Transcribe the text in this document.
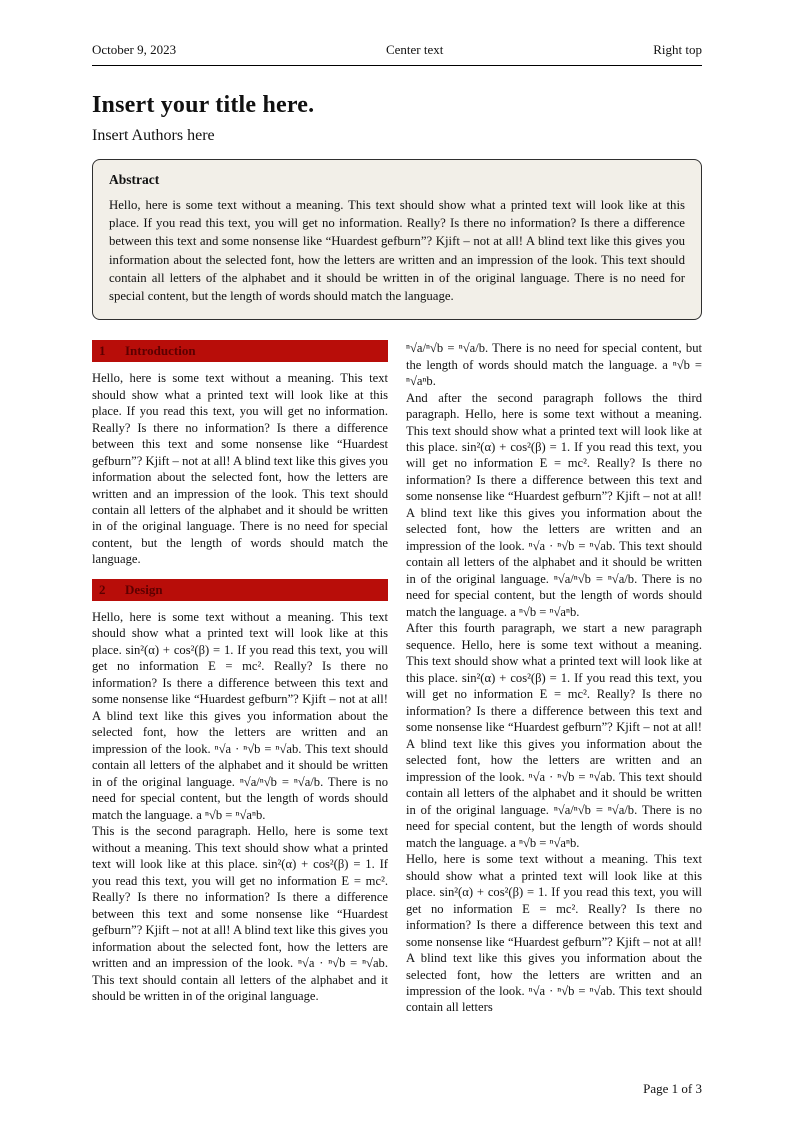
October 9, 2023	Center text	Right top
Insert your title here.
Insert Authors here
Abstract

Hello, here is some text without a meaning. This text should show what a printed text will look like at this place. If you read this text, you will get no information. Really? Is there no information? Is there a difference between this text and some nonsense like “Huardest gefburn”? Kjift – not at all! A blind text like this gives you information about the selected font, how the letters are written and an impression of the look. This text should contain all letters of the alphabet and it should be written in of the original language. There is no need for special content, but the length of words should match the language.

1	Introduction

Hello, here is some text without a meaning. This text should show what a printed text will look like at this place. If you read this text, you will get no information. Really? Is there no information? Is there a difference between this text and some nonsense like “Huardest gefburn”? Kjift – not at all! A blind text like this gives you information about the selected font, how the letters are written and an impression of the look. This text should contain all letters of the alphabet and it should be written in of the original language. There is no need for special content, but the length of words should match the language.

2	Design

Hello, here is some text without a meaning. This text should show what a printed text will look like at this place. sin²(α) + cos²(β) = 1. If you read this text, you will get no information E = mc². Really? Is there no information? Is there a difference between this text and some nonsense like “Huardest gefburn”? Kjift – not at all! A blind text like this gives you information about the selected font, how the letters are written and an impression of the look. ⁿ√a · ⁿ√b = ⁿ√ab. This text should contain all letters of the alphabet and it should be written in of the original language. ⁿ√a/ⁿ√b = ⁿ√a/b. There is no need for special content, but the length of words should match the language. a ⁿ√b = ⁿ√aⁿb.

This is the second paragraph. Hello, here is some text without a meaning. This text should show what a printed text will look like at this place. sin²(α) + cos²(β) = 1. If you read this text, you will get no information E = mc². Really? Is there no information? Is there a difference between this text and some nonsense like “Huardest gefburn”? Kjift – not at all! A blind text like this gives you information about the selected font, how the letters are written and an impression of the look. ⁿ√a · ⁿ√b = ⁿ√ab. This text should contain all letters of the alphabet and it should be written in of the original language.

ⁿ√a/ⁿ√b = ⁿ√a/b. There is no need for special content, but the length of words should match the language. a ⁿ√b = ⁿ√aⁿb.

And after the second paragraph follows the third paragraph. Hello, here is some text without a meaning. This text should show what a printed text will look like at this place. sin²(α) + cos²(β) = 1. If you read this text, you will get no information E = mc². Really? Is there no information? Is there a difference between this text and some nonsense like “Huardest gefburn”? Kjift – not at all! A blind text like this gives you information about the selected font, how the letters are written and an impression of the look. ⁿ√a · ⁿ√b = ⁿ√ab. This text should contain all letters of the alphabet and it should be written in of the original language. ⁿ√a/ⁿ√b = ⁿ√a/b. There is no need for special content, but the length of words should match the language. a ⁿ√b = ⁿ√aⁿb.

After this fourth paragraph, we start a new paragraph sequence. Hello, here is some text without a meaning. This text should show what a printed text will look like at this place. sin²(α) + cos²(β) = 1. If you read this text, you will get no information E = mc². Really? Is there no information? Is there a difference between this text and some nonsense like “Huardest gefburn”? Kjift – not at all! A blind text like this gives you information about the selected font, how the letters are written and an impression of the look. ⁿ√a · ⁿ√b = ⁿ√ab. This text should contain all letters of the alphabet and it should be written in of the original language. ⁿ√a/ⁿ√b = ⁿ√a/b. There is no need for special content, but the length of words should match the language. a ⁿ√b = ⁿ√aⁿb.

Hello, here is some text without a meaning. This text should show what a printed text will look like at this place. sin²(α) + cos²(β) = 1. If you read this text, you will get no information E = mc². Really? Is there no information? Is there a difference between this text and some nonsense like “Huardest gefburn”? Kjift – not at all! A blind text like this gives you information about the selected font, how the letters are written and an impression of the look. ⁿ√a · ⁿ√b = ⁿ√ab. This text should contain all letters

Page 1 of 3
